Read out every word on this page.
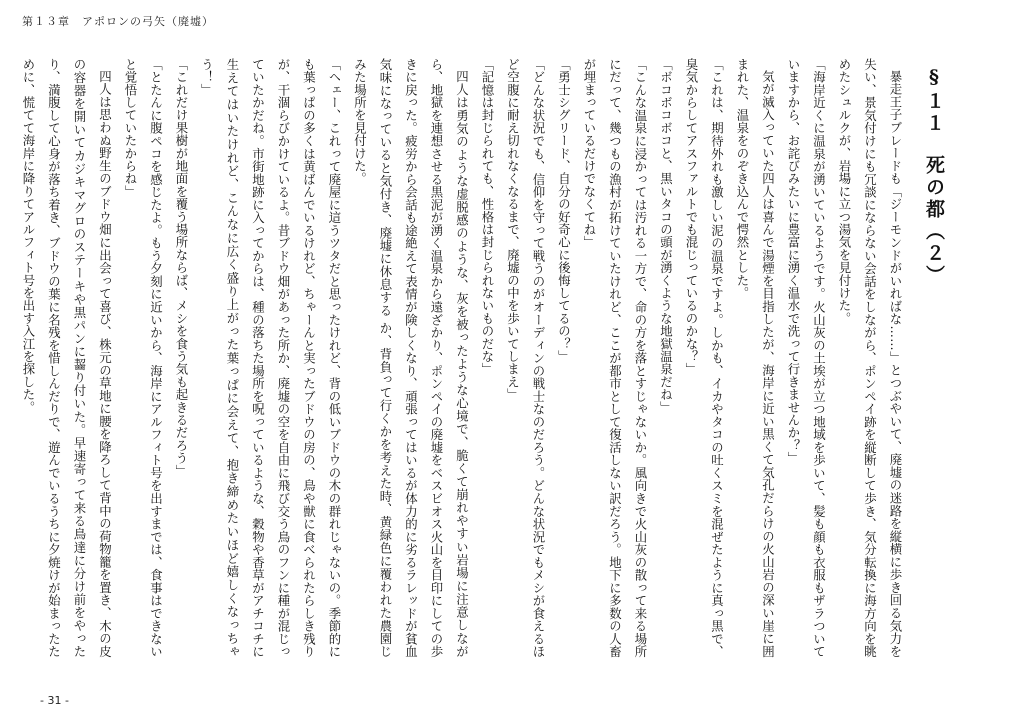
第１３章　アポロンの弓矢（廃墟）
§１１死の都（２）

暴走王子ブレードも「ジーモンドがいればな……」とつぶやいて、廃墟の迷路を縦横に歩き回る気力を失い、景気付けにも冗談にならない会話をしながら、ポンペイ跡を縦断して歩き、気分転換に海方向を眺めたシュルクが、岩場に立つ湯気を見付けた。

「海岸近くに温泉が湧いているようです。火山灰の土埃が立つ地域を歩いて、髪も顔も衣服もザラついていますから、お詫びみたいに豊富に湧く温水で洗って行きませんか？」

気が滅入っていた四人は喜んで湯煙を目指したが、海岸に近い黒くて気孔だらけの火山岩の深い崖に囲まれた、温泉をのぞき込んで愕然とした。

「これは、期待外れも激しい泥の温泉ですよ。しかも、イカやタコの吐くスミを混ぜたように真っ黒で、臭気からしてアスファルトでも混じっているのかな？」

「ボコボコボコと、黒いタコの頭が湧くような地獄温泉だね」

「こんな温泉に浸かっては汚れる一方で、命の方を落とすじゃないか。風向きで火山灰の散って来る場所にだって、幾つもの漁村が拓けていたけれど、ここが都市として復活しない訳だろう。地下に多数の人畜が埋まっているだけでなくてね」

「勇士シグリード、自分の好奇心に後悔してるの？」

「どんな状況でも、信仰を守って戦うのがオーディンの戦士なのだろう。どんな状況でもメシが食えるほど空腹に耐え切れなくなるまで、廃墟の中を歩いてしまえ」

「記憶は封じられても、性格は封じられないものだな」

四人は勇気のような虚脱感のような、灰を被ったような心境で、脆くて崩れやすい岩場に注意しながら、地獄を連想させる黒泥が湧く温泉から遠ざかり、ポンペイの廃墟をベスビオス火山を目印にしての歩きに戻った。疲労から会話も途絶えて表情が険しくなり、頑張ってはいるが体力的に劣るラレッドが貧血気味になっていると気付き、廃墟に休息する か、背負って行くかを考えた時、黄緑色に覆われた農園じみた場所を見付けた。

「ヘェー、これって廃屋に這うツタだと思ったけれど、背の低いブドウの木の群れじゃないの。季節的にも葉っぱの多くは黄ばんでいるけれど、ちゃーんと実ったブドウの房の、鳥や獣に食べられたらしき残りが、干涸らびかけているよ。昔ブドウ畑があった所か、廃墟の空を自由に飛び交う鳥のフンに種が混じっていたかだね。市街地跡に入ってからは、種の落ちた場所を呪っているような、穀物や香草がアチコチに生えてはいたけれど、こんなに広く盛り上がった葉っぱに会えて、抱き締めたいほど嬉しくなっちゃう！」

「これだけ果樹が地面を覆う場所ならば、メシを食う気も起きるだろう」

「とたんに腹ペコを感じたよ。もう夕刻に近いから、海岸にアルフィト号を出すまでは、食事はできないと覚悟していたからね」

四人は思わぬ野生のブドウ畑に出会って喜び、株元の草地に腰を降ろして背中の荷物籠を置き、木の皮の容器を開いてカジキマグロのステーキや黒パンに齧り付いた。早速寄って来る鳥達に分け前をやったり、満腹して心身が落ち着き、ブドウの葉に名残を惜しんだりで、遊んでいるうちに夕焼けが始まったために、慌てて海岸に降りてアルフィト号を出す入江を探した。

- 31 -
